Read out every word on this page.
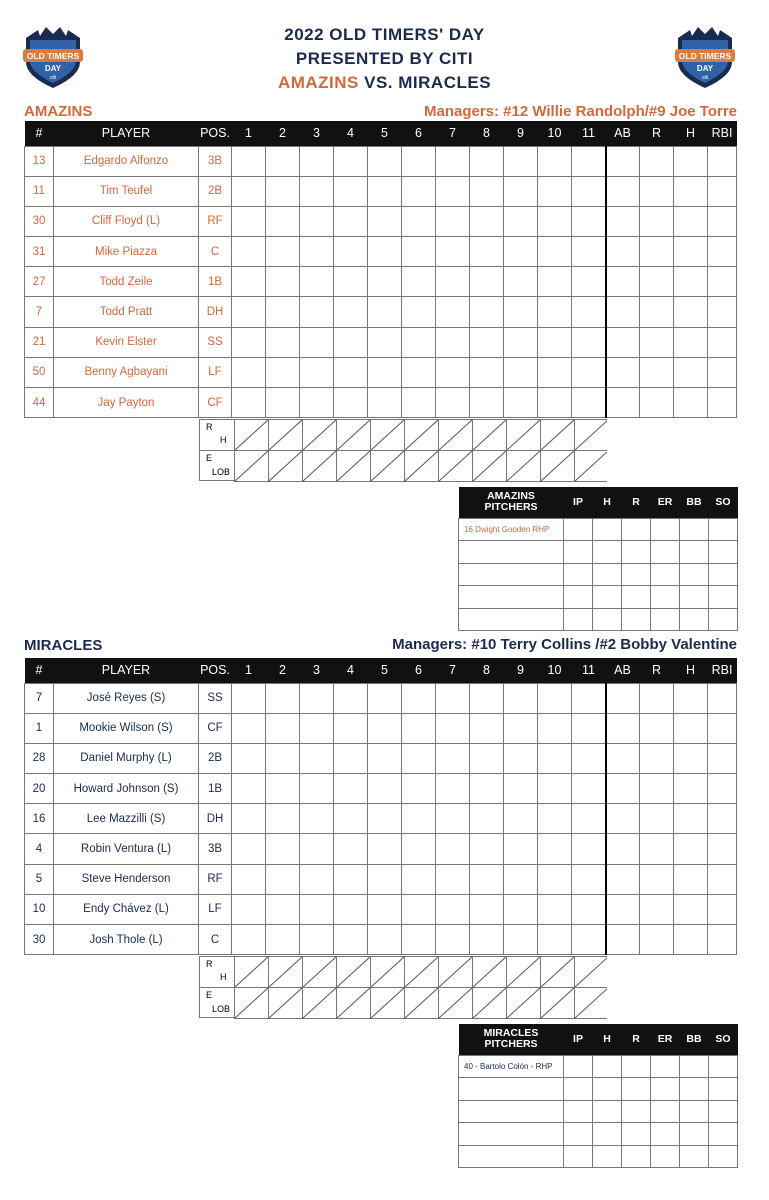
2022 OLD TIMERS' DAY
PRESENTED BY CITI
AMAZINS VS. MIRACLES
OLD TIMERS
DAY
citi
OLD TIMERS
DAY
citi
AMAZINS	Managers: #12 Willie Randolph/#9 Joe Torre
#	PLAYER	POS.	1	2	3	4	5	6	7	8	9	10	11	AB	R	H	RBI
13	Edgardo Alfonzo	3B															
11	Tim Teufel	2B															
30	Cliff Floyd (L)	RF															
31	Mike Piazza	C															
27	Todd Zeile	1B															
7	Todd Pratt	DH															
21	Kevin Elster	SS															
50	Benny Agbayani	LF															
44	Jay Payton	CF															
R
H
E
LOB
AMAZINS
PITCHERS	IP	H	R	ER	BB	SO
16 Dwight Gooden RHP						

MIRACLES	Managers: #10 Terry Collins /#2 Bobby Valentine
#	PLAYER	POS.	1	2	3	4	5	6	7	8	9	10	11	AB	R	H	RBI
7	José Reyes (S)	SS															
1	Mookie Wilson (S)	CF															
28	Daniel Murphy (L)	2B															
20	Howard Johnson (S)	1B															
16	Lee Mazzilli (S)	DH															
4	Robin Ventura (L)	3B															
5	Steve Henderson	RF															
10	Endy Chávez (L)	LF															
30	Josh Thole (L)	C															
R
H
E
LOB
MIRACLES
PITCHERS	IP	H	R	ER	BB	SO
40 - Bartolo Colón - RHP						
